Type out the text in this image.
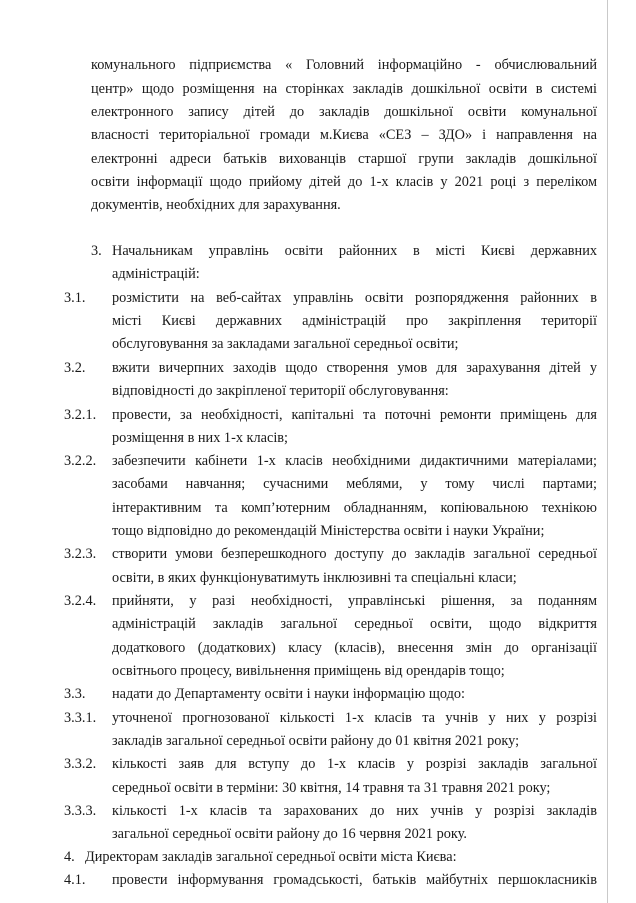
комунального підприємства « Головний інформаційно - обчислювальний
центр» щодо розміщення на сторінках закладів дошкільної освіти в системі
електронного запису дітей до закладів дошкільної освіти комунальної
власності територіальної громади м.Києва «СЕЗ – ЗДО» і направлення на
електронні адреси батьків вихованців старшої групи закладів дошкільної
освіти інформації щодо прийому дітей до 1-х класів у 2021 році з переліком
документів, необхідних для зарахування.
3. Начальникам управлінь освіти районних в місті Києві державних
адміністрацій:
3.1. розмістити на веб-сайтах управлінь освіти розпорядження районних в
місті Києві державних адміністрацій про закріплення території
обслуговування за закладами загальної середньої освіти;
3.2. вжити вичерпних заходів щодо створення умов для зарахування дітей у
відповідності до закріпленої території обслуговування:
3.2.1. провести, за необхідності, капітальні та поточні ремонти приміщень для
розміщення в них 1-х класів;
3.2.2. забезпечити кабінети 1-х класів необхідними дидактичними матеріалами;
засобами навчання; сучасними меблями, у тому числі партами;
інтерактивним та комп’ютерним обладнанням, копіювальною технікою
тощо відповідно до рекомендацій Міністерства освіти і науки України;
3.2.3. створити умови безперешкодного доступу до закладів загальної середньої
освіти, в яких функціонуватимуть інклюзивні та спеціальні класи;
3.2.4. прийняти, у разі необхідності, управлінські рішення, за поданням
адміністрацій закладів загальної середньої освіти, щодо відкриття
додаткового (додаткових) класу (класів), внесення змін до організації
освітнього процесу, вивільнення приміщень від орендарів тощо;
3.3. надати до Департаменту освіти і науки інформацію щодо:
3.3.1. уточненої прогнозованої кількості 1-х класів та учнів у них у розрізі
закладів загальної середньої освіти району до 01 квітня 2021 року;
3.3.2. кількості заяв для вступу до 1-х класів у розрізі закладів загальної
середньої освіти в терміни: 30 квітня, 14 травня та 31 травня 2021 року;
3.3.3. кількості 1-х класів та зарахованих до них учнів у розрізі закладів
загальної середньої освіти району до 16 червня 2021 року.
4. Директорам закладів загальної середньої освіти міста Києва:
4.1. провести інформування громадськості, батьків майбутніх першокласників
